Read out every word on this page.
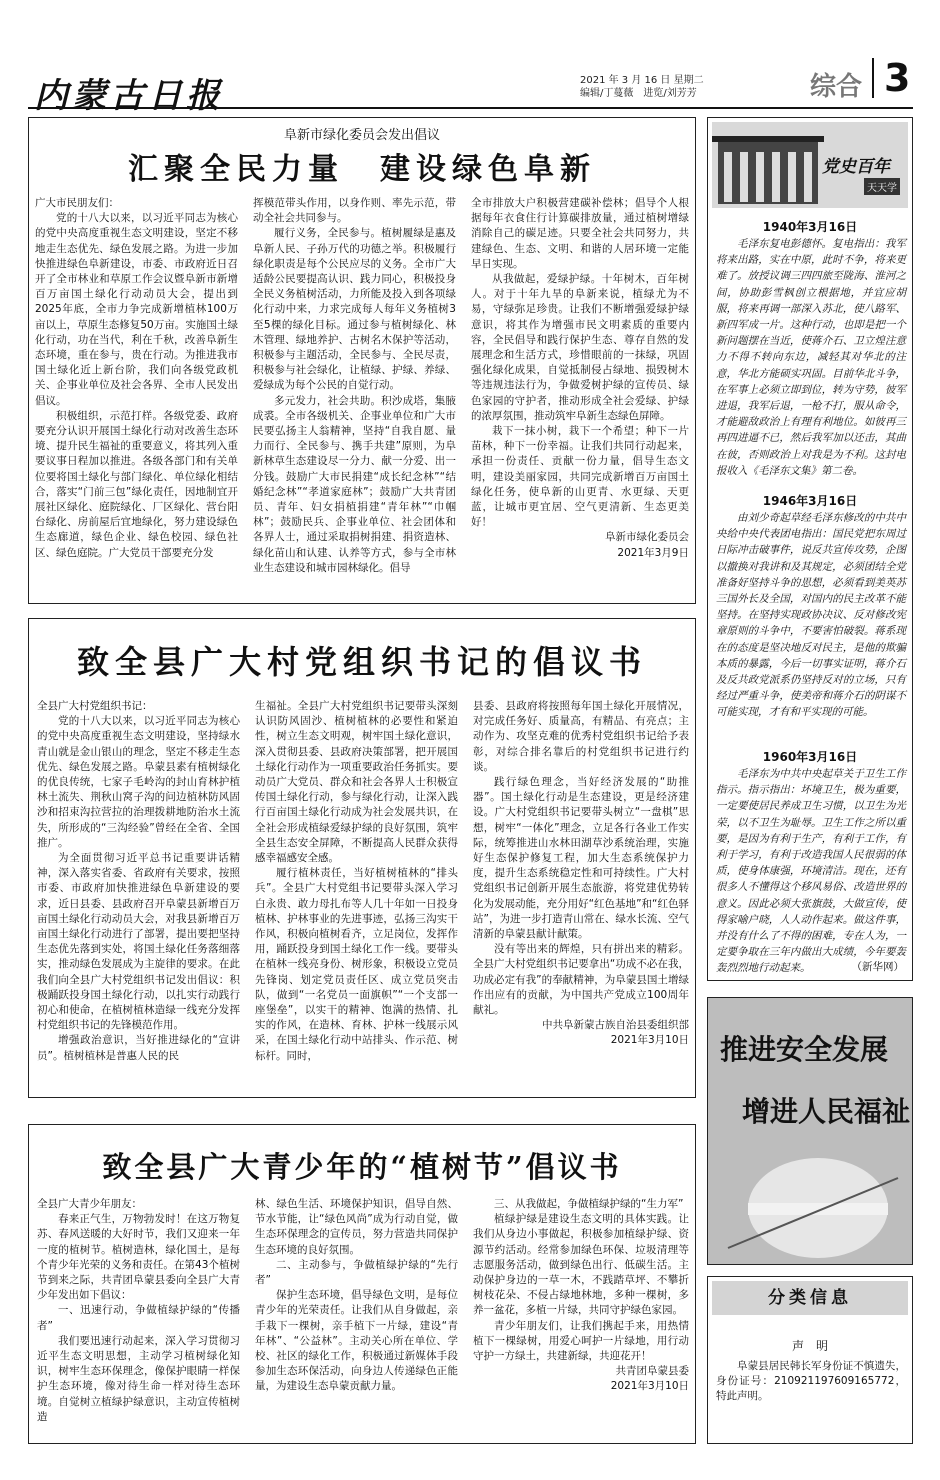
内蒙古日报	2021 年 3 月 16 日 星期二
编辑/丁蔓薇　进览/刘芳芳	综合 3
阜新市绿化委员会发出倡议
汇聚全民力量　建设绿色阜新

广大市民朋友们：

党的十八大以来，以习近平同志为核心的党中央高度重视生态文明建设，坚定不移地走生态优先、绿色发展之路。为进一步加快推进绿色阜新建设，市委、市政府近日召开了全市林业和草原工作会议暨阜新市新增百万亩国土绿化行动动员大会，提出到2025年底，全市力争完成新增植林100万亩以上，草原生态修复50万亩。实施国土绿化行动，功在当代，利在千秋，改善阜新生态环境，重在参与，贵在行动。为推进我市国土绿化近上新台阶，我们向各级党政机关、企事业单位及社会各界、全市人民发出倡议。

积极组织，示范打样。各级党委、政府要充分认识开展国土绿化行动对改善生态环境、提升民生福祉的重要意义，将其列入重要议事日程加以推进。各级各部门和有关单位要将国土绿化与部门绿化、单位绿化相结合，落实“门前三包”绿化责任，因地制宜开展社区绿化、庭院绿化、厂区绿化、营台阳台绿化、房前屋后宜地绿化，努力建设绿色生态廊道，绿色企业、绿色校园、绿色社区、绿色庭院。广大党员干部要充分发

挥模范带头作用，以身作则、率先示范，带动全社会共同参与。

履行义务，全民参与。植树履绿是惠及阜新人民、子孙万代的功德之举。积极履行绿化职责是每个公民应尽的义务。全市广大适龄公民要提高认识、践力同心，积极投身全民义务植树活动，力所能及投入到各项绿化行动中来，力求完成每人每年义务植树3至5棵的绿化目标。通过参与植树绿化、林木管理、绿地养护、古树名木保护等活动，积极参与主题活动，全民参与、全民尽责，积极参与社会绿化，让植绿、护绿、养绿、爱绿成为每个公民的自觉行动。

多元发力，社会共助。积沙成塔，集腋成裘。全市各级机关、企事业单位和广大市民要弘扬主人翁精神，坚持“自我自愿、量力而行、全民参与、携手共建”原则，为阜新林草生态建设尽一分力、献一分爱、出一分钱。鼓励广大市民捐建“成长纪念林”“结婚纪念林”“孝道家庭林”；鼓励广大共青团员、青年、妇女捐植捐建“青年林”“巾帼林”；鼓励民兵、企事业单位、社会团体和各界人士，通过采取捐树捐建、捐资造林、绿化苗山和认建、认养等方式，参与全市林业生态建设和城市园林绿化。倡导

全市排放大户积极营建碳补偿林；倡导个人根据每年衣食住行计算碳排放量，通过植树增绿消除自己的碳足迹。只要全社会共同努力，共建绿色、生态、文明、和谐的人居环境一定能早日实现。

从我做起，爱绿护绿。十年树木，百年树人。对于十年九旱的阜新来说，植绿尤为不易，守绿弥足珍贵。让我们不断增强爱绿护绿意识，将其作为增强市民文明素质的重要内容，全民倡导和践行保护生态、尊存自然的发展理念和生活方式，珍惜眼前的一抹绿，巩固强化绿化成果，自觉抵制侵占绿地、损毁树木等违规违法行为，争做爱树护绿的宣传员、绿色家园的守护者，推动形成全社会爱绿、护绿的浓厚氛围，推动筑牢阜新生态绿色屏障。

栽下一抹小树，栽下一个希望；种下一片苗林，种下一份幸福。让我们共同行动起来，承担一份责任、贡献一份力量，倡导生态文明，建设美丽家园，共同完成新增百万亩国土绿化任务，使阜新的山更青、水更绿、天更蓝，让城市更宜居、空气更清新、生态更美好！

阜新市绿化委员会

2021年3月9日

致全县广大村党组织书记的倡议书

全县广大村党组织书记：

党的十八大以来，以习近平同志为核心的党中央高度重视生态文明建设，坚持绿水青山就是金山银山的理念，坚定不移走生态优先、绿色发展之路。阜蒙县素有植树绿化的优良传统，七家子毛岭沟的封山育林护植林土流失、荆秋山窝子沟的问边植林防风固沙和招束沟拉营拉的治理拨耕地防治水土流失，所形成的“三沟经验”曾经在全省、全国推广。

为全面贯彻习近平总书记重要讲话精神，深入落实省委、省政府有关要求，按照市委、市政府加快推进绿色阜新建设的要求，近日县委、县政府召开阜蒙县新增百万亩国土绿化行动动员大会，对我县新增百万亩国土绿化行动进行了部署，提出要把坚持生态优先落到实处，将国土绿化任务落细落实，推动绿色发展成为主旋律的要求。在此我们向全县广大村党组织书记发出倡议：积极踊跃投身国土绿化行动，以扎实行动践行初心和使命，在植树植林造绿一线充分发挥村党组织书记的先锋模范作用。

增强政治意识，当好推进绿化的“宣讲员”。植树植林是普惠人民的民

生福祉。全县广大村党组织书记要带头深刻认识防风固沙、植树植林的必要性和紧迫性，树立生态文明观，树牢国土绿化意识，深入贯彻县委、县政府决策部署，把开展国土绿化行动作为一项重要政治任务抓实。要动员广大党员、群众和社会各界人士积极宣传国土绿化行动，参与绿化行动，让深入践行百亩国土绿化行动成为社会发展共识，在全社会形成植绿爱绿护绿的良好氛围，筑牢全县生态安全屏障，不断提高人民群众获得感幸福感安全感。

履行植林责任，当好植树植林的“排头兵”。全县广大村党组书记要带头深入学习白永贵、敢力母扎布等人几十年如一日投身植林、护林事业的先进事迹，弘扬三沟实干作风，积极向植树看齐，立足岗位，发挥作用，踊跃投身到国土绿化工作一线。要带头在植林一线亮身份、树形象，积极设立党员先锋岗、划定党员责任区、成立党员突击队，做到“一名党员一面旗帜”“一个支部一座堡垒”，以实干的精神、饱满的热情、扎实的作风，在造林、育林、护林一线展示风采，在国土绿化行动中站排头、作示范、树标杆。同时，

县委、县政府将按照每年国土绿化开展情况，对完成任务好、质量高，有精品、有亮点；主动作为、攻坚克难的优秀村党组织书记给予表彰，对综合排名靠后的村党组织书记进行约谈。

践行绿色理念，当好经济发展的“助推器”。国土绿化行动是生态建设，更是经济建设。广大村党组织书记要带头树立“一盘棋”思想，树牢“一体化”理念，立足各行各业工作实际，统筹推进山水林田湖草沙系统治理，实施好生态保护修复工程，加大生态系统保护力度，提升生态系统稳定性和可持续性。广大村党组织书记创新开展生态旅游，将党建优势转化为发展动能，充分用好“红色基地”和“红色驿站”，为进一步打造青山常在、绿水长流、空气清新的阜蒙县献计献策。

没有等出来的辉煌，只有拼出来的精彩。全县广大村党组织书记要拿出“功成不必在我，功成必定有我”的奉献精神，为阜蒙县国土增绿作出应有的贡献，为中国共产党成立100周年献礼。

中共阜新蒙古族自治县委组织部

2021年3月10日

致全县广大青少年的“植树节”倡议书

全县广大青少年朋友：

春来正气生，万物勃发时！在这万物复苏、春风送暖的大好时节，我们又迎来一年一度的植树节。植树造林，绿化国土，是每个青少年光荣的义务和责任。在第43个植树节到来之际，共青团阜蒙县委向全县广大青少年发出如下倡议：

一、迅速行动，争做植绿护绿的“传播者”

我们要迅速行动起来，深入学习贯彻习近平生态文明思想，主动学习植树绿化知识，树牢生态环保理念，像保护眼睛一样保护生态环境，像对待生命一样对待生态环境。自觉树立植绿护绿意识，主动宣传植树造

林、绿色生活、环境保护知识，倡导自然、节水节能，让“绿色风尚”成为行动自觉，做生态环保理念的宣传员，努力营造共同保护生态环境的良好氛围。

二、主动参与，争做植绿护绿的“先行者”

保护生态环境，倡导绿色文明，是每位青少年的光荣责任。让我们从自身做起，亲手栽下一棵树，亲手植下一片绿，建设“青年林”、“公益林”。主动关心所在单位、学校、社区的绿化工作，积极通过新媒体手段参加生态环保活动，向身边人传递绿色正能量，为建设生态阜蒙贡献力量。

三、从我做起，争做植绿护绿的“生力军”

植绿护绿是建设生态文明的具体实践。让我们从身边小事做起，积极参加植绿护绿、资源节约活动。经常参加绿色环保、垃圾清理等志愿服务活动，做到绿色出行、低碳生活。主动保护身边的一草一木，不践踏草坪、不攀折树枝花朵、不侵占绿地林地，多种一棵树，多养一盆花，多植一片绿，共同守护绿色家园。

青少年朋友们，让我们携起手来，用热情植下一棵绿树，用爱心呵护一片绿地，用行动守护一方绿土，共建新绿，共迎花开！

共青团阜蒙县委

2021年3月10日

党史百年
天天学
1940年3月16日
毛泽东复电彭德怀。复电指出：我军将来出路，实在中原，此时不争，将来更难了。放授议调三四四旅至陇海、淮河之间，协助彭雪枫创立根据地，并宜应胡服，将来再调一部深入苏北，使八路军、新四军成一片。这种行动，也即是把一个新问题摆在当近，使蒋介石、卫立煌注意力不得不转向东边，减轻其对华北的注意，华北方能硕实巩固。目前华北斗争，在军事上必须立即到位，转为守势，彼军进退，我军后退，一枪不打，服从命令，才能避敌政治上有理有利地位。如彼再三再四进逼不已，然后我军加以还击，其曲在彼，否则政治上对我是为不利。这封电报收入《毛泽东文集》第二卷。
1946年3月16日
由刘少奇起草经毛泽东修改的中共中央给中央代表团电指出：国民党把东周过日际冲击破事件，说反共宣传攻势，企图以撤换对我讲和及其规定，必须团结全党准备好坚持斗争的思想，必须看到美英苏三国外长及全国，对国内的民主改革不能坚持。在坚持实现政协决议、反对修改宪章原则的斗争中，不要害怕破裂。蒋系现在的态度是坚决地反对民主，是他的欺骗本质的暴露，今后一切事实证明，蒋介石及反共政党派系仍坚持反对的立场，只有经过严重斗争，使美帝和蒋介石的阴谋不可能实现，才有和平实现的可能。
1960年3月16日
毛泽东为中共中央起草关于卫生工作指示。指示指出：坏境卫生，极为重要，一定要使居民养成卫生习惯，以卫生为光荣，以不卫生为耻辱。卫生工作之所以重要，是因为有利于生产，有利于工作，有利于学习，有利于改造我国人民很弱的体质，使身体康强，环境清洁。现在，还有很多人不懂得这个移风易俗、改造世界的意义。因此必须大张旗鼓，大做宣传，使得家喻户晓，人人动作起来。做这件事，并没有什么了不得的困难，专在人为，一定要争取在三年内做出大成绩，今年要轰轰烈烈地行动起来。	（新华网）
推进安全发展
增进人民福祉
分类信息
声　明
阜蒙县居民韩长军身份证不慎遗失，身份证号：210921197609165772，特此声明。
